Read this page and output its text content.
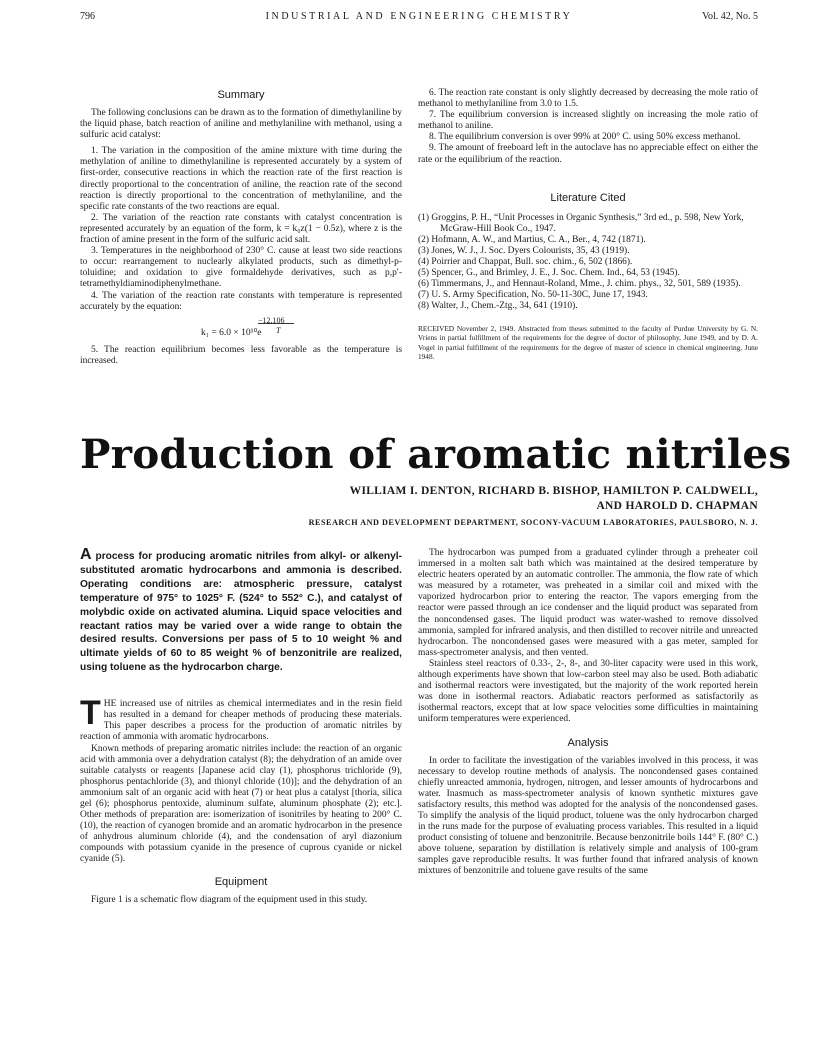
796	INDUSTRIAL AND ENGINEERING CHEMISTRY	Vol. 42, No. 5

Summary

The following conclusions can be drawn as to the formation of dimethylaniline by the liquid phase, batch reaction of aniline and methylaniline with methanol, using a sulfuric acid catalyst:

1. The variation in the composition of the amine mixture with time during the methylation of aniline to dimethylaniline is represented accurately by a system of first-order, consecutive reactions in which the reaction rate of the first reaction is directly proportional to the concentration of aniline, the reaction rate of the second reaction is directly proportional to the concentration of methylaniline, and the specific rate constants of the two reactions are equal.

2. The variation of the reaction rate constants with catalyst concentration is represented accurately by an equation of the form, k = k₀z(1 − 0.5z), where z is the fraction of amine present in the form of the sulfuric acid salt.

3. Temperatures in the neighborhood of 230° C. cause at least two side reactions to occur: rearrangement to nuclearly alkylated products, such as dimethyl-p-toluidine; and oxidation to give formaldehyde derivatives, such as p,p′-tetramethyldiaminodiphenylmethane.

4. The variation of the reaction rate constants with temperature is represented accurately by the equation:

−12,106
T
k₁ = 6.0 × 10¹⁰e

5. The reaction equilibrium becomes less favorable as the temperature is increased.

6. The reaction rate constant is only slightly decreased by decreasing the mole ratio of methanol to methylaniline from 3.0 to 1.5.

7. The equilibrium conversion is increased slightly on increasing the mole ratio of methanol to aniline.

8. The equilibrium conversion is over 99% at 200° C. using 50% excess methanol.

9. The amount of freeboard left in the autoclave has no appreciable effect on either the rate or the equilibrium of the reaction.

Literature Cited

(1) Groggins, P. H., “Unit Processes in Organic Synthesis,” 3rd ed., p. 598, New York, McGraw-Hill Book Co., 1947.

(2) Hofmann, A. W., and Martius, C. A., Ber., 4, 742 (1871).

(3) Jones, W. J., J. Soc. Dyers Colourists, 35, 43 (1919).

(4) Poirrier and Chappat, Bull. soc. chim., 6, 502 (1866).

(5) Spencer, G., and Brimley, J. E., J. Soc. Chem. Ind., 64, 53 (1945).

(6) Timmermans, J., and Hennaut-Roland, Mme., J. chim. phys., 32, 501, 589 (1935).

(7) U. S. Army Specification, No. 50-11-30C, June 17, 1943.

(8) Walter, J., Chem.-Ztg., 34, 641 (1910).

RECEIVED November 2, 1949. Abstracted from theses submitted to the faculty of Purdue University by G. N. Vriens in partial fulfillment of the requirements for the degree of doctor of philosophy, June 1949, and by D. A. Vogel in partial fulfillment of the requirements for the degree of master of science in chemical engineering, June 1948.

Production of aromatic nitriles
WILLIAM I. DENTON, RICHARD B. BISHOP, HAMILTON P. CALDWELL,
AND HAROLD D. CHAPMAN
RESEARCH AND DEVELOPMENT DEPARTMENT, SOCONY-VACUUM LABORATORIES, PAULSBORO, N. J.

A process for producing aromatic nitriles from alkyl- or alkenyl-substituted aromatic hydrocarbons and ammonia is described. Operating conditions are: atmospheric pressure, catalyst temperature of 975° to 1025° F. (524° to 552° C.), and catalyst of molybdic oxide on activated alumina. Liquid space velocities and reactant ratios may be varied over a wide range to obtain the desired results. Conversions per pass of 5 to 10 weight % and ultimate yields of 60 to 85 weight % of benzonitrile are realized, using toluene as the hydrocarbon charge.

THE increased use of nitriles as chemical intermediates and in the resin field has resulted in a demand for cheaper methods of producing these materials. This paper describes a process for the production of aromatic nitriles by reaction of ammonia with aromatic hydrocarbons.

Known methods of preparing aromatic nitriles include: the reaction of an organic acid with ammonia over a dehydration catalyst (8); the dehydration of an amide over suitable catalysts or reagents [Japanese acid clay (1), phosphorus trichloride (9), phosphorus pentachloride (3), and thionyl chloride (10)]; and the dehydration of an ammonium salt of an organic acid with heat (7) or heat plus a catalyst [thoria, silica gel (6); phosphorus pentoxide, aluminum sulfate, aluminum phosphate (2); etc.]. Other methods of preparation are: isomerization of isonitriles by heating to 200° C. (10), the reaction of cyanogen bromide and an aromatic hydrocarbon in the presence of anhydrous aluminum chloride (4), and the condensation of aryl diazonium compounds with potassium cyanide in the presence of cuprous cyanide or nickel cyanide (5).

Equipment

Figure 1 is a schematic flow diagram of the equipment used in this study.

The hydrocarbon was pumped from a graduated cylinder through a preheater coil immersed in a molten salt bath which was maintained at the desired temperature by electric heaters operated by an automatic controller. The ammonia, the flow rate of which was measured by a rotameter, was preheated in a similar coil and mixed with the vaporized hydrocarbon prior to entering the reactor. The vapors emerging from the reactor were passed through an ice condenser and the liquid product was separated from the noncondensed gases. The liquid product was water-washed to remove dissolved ammonia, sampled for infrared analysis, and then distilled to recover nitrile and unreacted hydrocarbon. The noncondensed gases were measured with a gas meter, sampled for mass-spectrometer analysis, and then vented.

Stainless steel reactors of 0.33-, 2-, 8-, and 30-liter capacity were used in this work, although experiments have shown that low-carbon steel may also be used. Both adiabatic and isothermal reactors were investigated, but the majority of the work reported herein was done in isothermal reactors. Adiabatic reactors performed as satisfactorily as isothermal reactors, except that at low space velocities some difficulties in maintaining uniform temperatures were experienced.

Analysis

In order to facilitate the investigation of the variables involved in this process, it was necessary to develop routine methods of analysis. The noncondensed gases contained chiefly unreacted ammonia, hydrogen, nitrogen, and lesser amounts of hydrocarbons and water. Inasmuch as mass-spectrometer analysis of known synthetic mixtures gave satisfactory results, this method was adopted for the analysis of the noncondensed gases. To simplify the analysis of the liquid product, toluene was the only hydrocarbon charged in the runs made for the purpose of evaluating process variables. This resulted in a liquid product consisting of toluene and benzonitrile. Because benzonitrile boils 144° F. (80° C.) above toluene, separation by distillation is relatively simple and analysis of 100-gram samples gave reproducible results. It was further found that infrared analysis of known mixtures of benzonitrile and toluene gave results of the same
